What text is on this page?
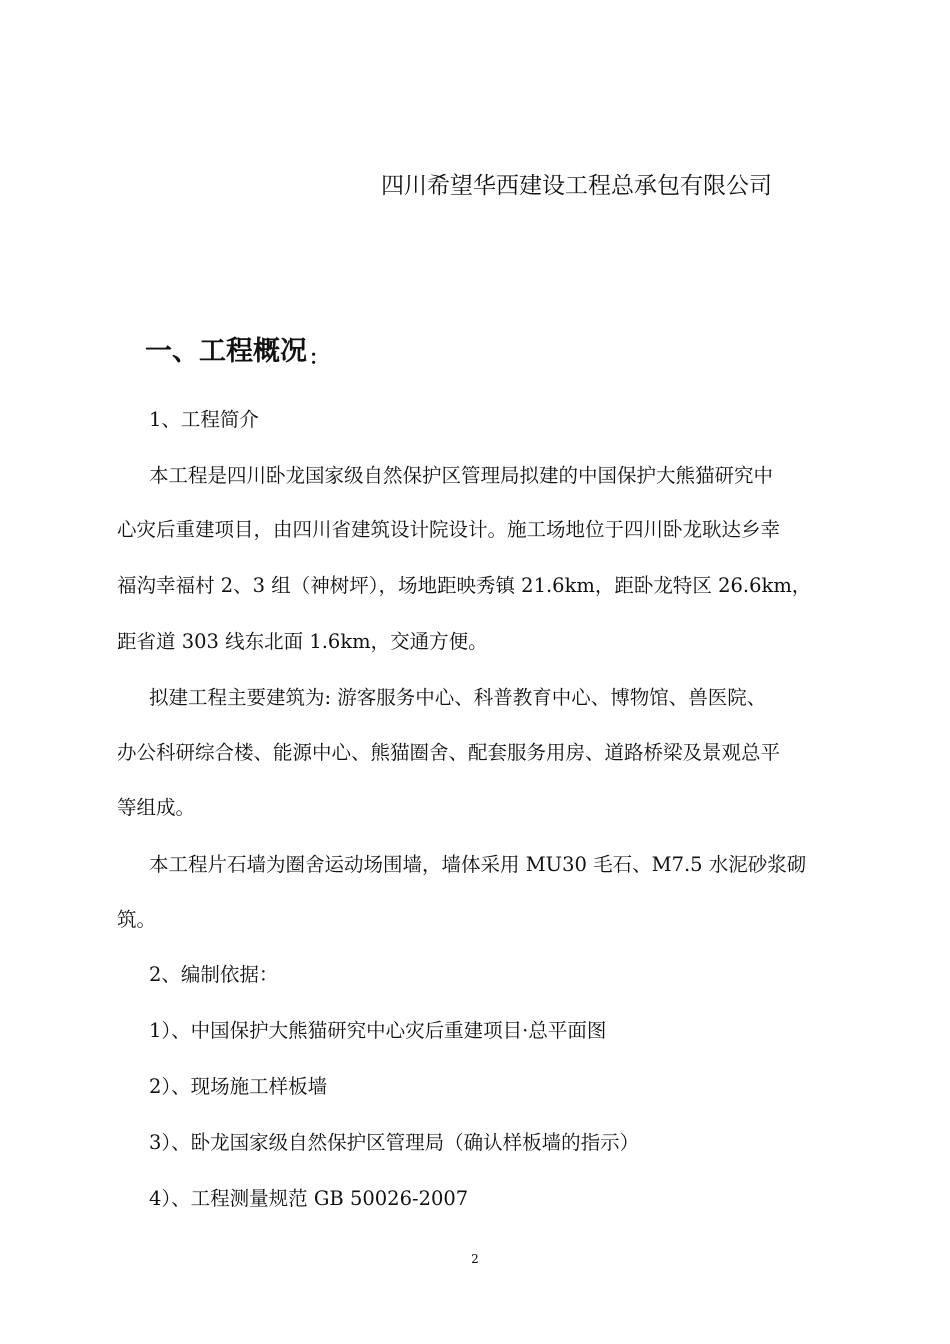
四川希望华西建设工程总承包有限公司
一、工程概况 ：
1、工程简介
本工程是四川卧龙国家级自然保护区管理局拟建的中国保护大熊猫研究中
心灾后重建项目，由四川省建筑设计院设计。施工场地位于四川卧龙耿达乡幸
福沟幸福村 2、3 组（神树坪），场地距映秀镇 21.6km，距卧龙特区 26.6km，
距省道 303 线东北面 1.6km，交通方便。
拟建工程主要建筑为: 游客服务中心、科普教育中心、博物馆、兽医院、
办公科研综合楼、能源中心、熊猫圈舍、配套服务用房、道路桥梁及景观总平
等组成。
本工程片石墙为圈舍运动场围墙，墙体采用 MU30 毛石、M7.5 水泥砂浆砌
筑。
2、编制依据：
1）、中国保护大熊猫研究中心灾后重建项目·总平面图
2）、现场施工样板墙
3）、卧龙国家级自然保护区管理局（确认样板墙的指示）
4）、工程测量规范 GB 50026-2007
2
